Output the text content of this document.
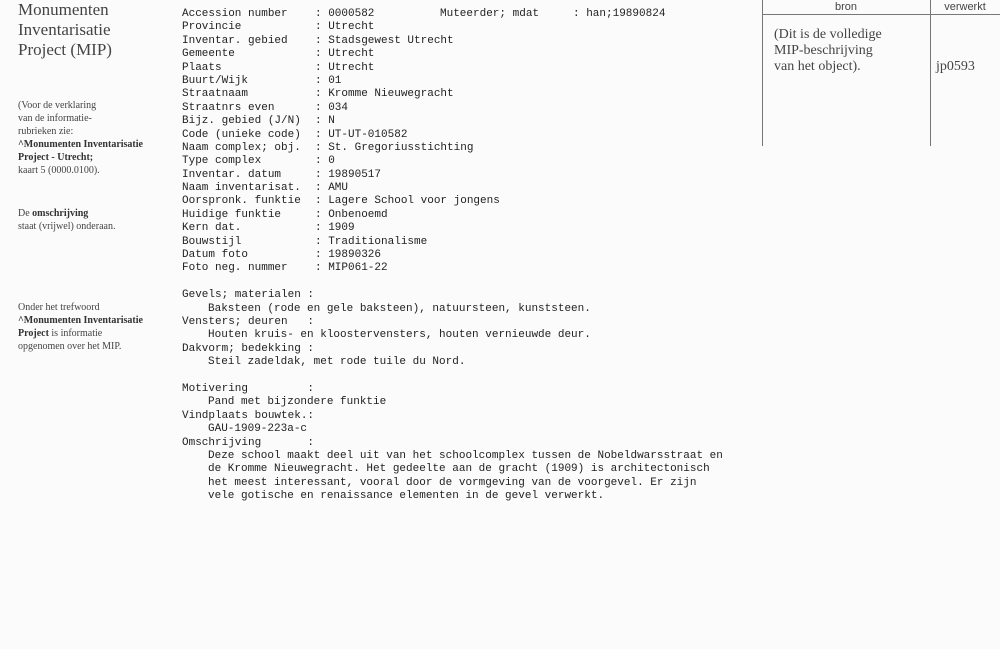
Monumenten
Inventarisatie
Project (MIP)
(Voor de verklaring
van de informatie-
rubrieken zie:
^Monumenten Inventarisatie
Project - Utrecht;
kaart 5 (0000.0100).
De omschrijving
staat (vrijwel) onderaan.
Onder het trefwoord
^Monumenten Inventarisatie
Project is informatie
opgenomen over het MIP.
Muteerder; mdat	: han;19890824
Accession number : 0000582
Provincie	: Utrecht
Inventar. gebied : Stadsgewest Utrecht
Gemeente	: Utrecht
Plaats	: Utrecht
Buurt/Wijk	: 01
Straatnaam	: Kromme Nieuwegracht
Straatnrs even	: 034
Bijz. gebied (J/N) : N
Code (unieke code) : UT-UT-010582
Naam complex; obj. : St. Gregoriusstichting
Type complex	: 0
Inventar. datum	: 19890517
Naam inventarisat. : AMU
Oorspronk. funktie : Lagere School voor jongens
Huidige funktie	: Onbenoemd
Kern dat.	: 1909
Bouwstijl	: Traditionalisme
Datum foto	: 19890326
Foto neg. nummer : MIP061-22
Gevels; materialen :
Baksteen (rode en gele baksteen), natuursteen, kunststeen.
Vensters; deuren   :
Houten kruis- en kloostervensters, houten vernieuwde deur.
Dakvorm; bedekking :
Steil zadeldak, met rode tuile du Nord.
Motivering         :
Pand met bijzondere funktie
Vindplaats bouwtek.:
GAU-1909-223a-c
Omschrijving       :
Deze school maakt deel uit van het schoolcomplex tussen de Nobeldwarsstraat en de Kromme Nieuwegracht. Het gedeelte aan de gracht (1909) is architectonisch het meest interessant, vooral door de vormgeving van de voorgevel. Er zijn vele gotische en renaissance elementen in de gevel verwerkt.
bron	verwerkt
(Dit is de volledige
MIP-beschrijving
van het object).	jp0593
